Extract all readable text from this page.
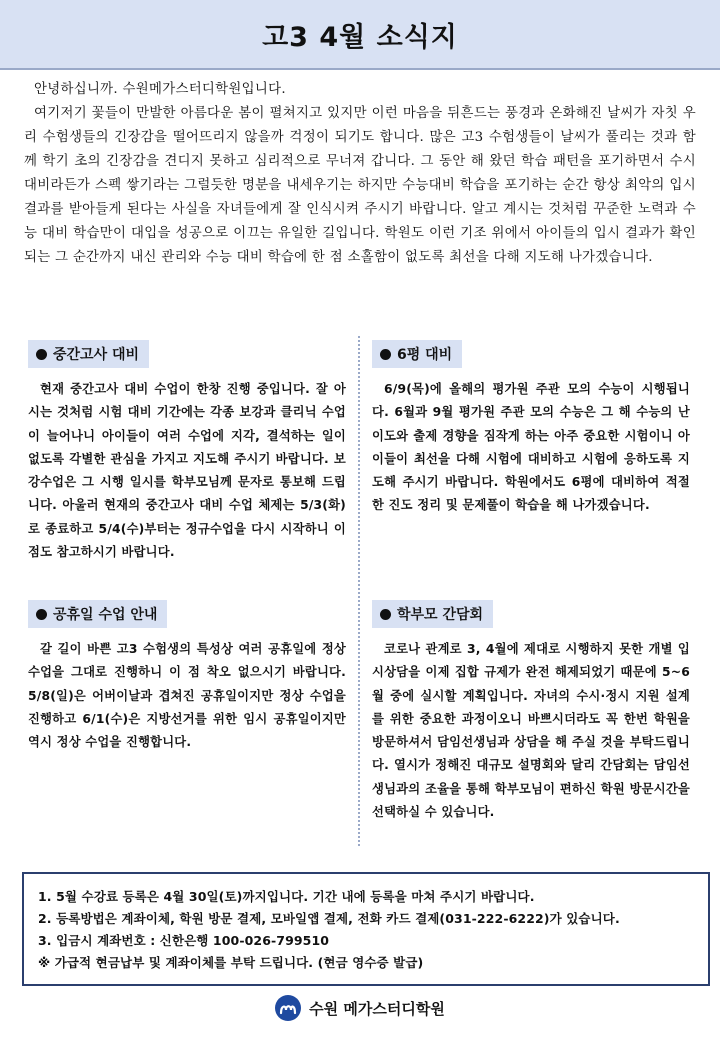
고3 4월 소식지

안녕하십니까. 수원메가스터디학원입니다.

여기저기 꽃들이 만발한 아름다운 봄이 펼쳐지고 있지만 이런 마음을 뒤흔드는 풍경과 온화해진 날씨가 자칫 우리 수험생들의 긴장감을 떨어뜨리지 않을까 걱정이 되기도 합니다. 많은 고3 수험생들이 날씨가 풀리는 것과 함께 학기 초의 긴장감을 견디지 못하고 심리적으로 무너져 갑니다. 그 동안 해 왔던 학습 패턴을 포기하면서 수시 대비라든가 스펙 쌓기라는 그럴듯한 명분을 내세우기는 하지만 수능대비 학습을 포기하는 순간 항상 최악의 입시 결과를 받아들게 된다는 사실을 자녀들에게 잘 인식시켜 주시기 바랍니다. 알고 계시는 것처럼 꾸준한 노력과 수능 대비 학습만이 대입을 성공으로 이끄는 유일한 길입니다. 학원도 이런 기조 위에서 아이들의 입시 결과가 확인되는 그 순간까지 내신 관리와 수능 대비 학습에 한 점 소홀함이 없도록 최선을 다해 지도해 나가겠습니다.

중간고사 대비

현재 중간고사 대비 수업이 한창 진행 중입니다. 잘 아시는 것처럼 시험 대비 기간에는 각종 보강과 클리닉 수업이 늘어나니 아이들이 여러 수업에 지각, 결석하는 일이 없도록 각별한 관심을 가지고 지도해 주시기 바랍니다. 보강수업은 그 시행 일시를 학부모님께 문자로 통보해 드립니다. 아울러 현재의 중간고사 대비 수업 체제는 5/3(화)로 종료하고 5/4(수)부터는 정규수업을 다시 시작하니 이 점도 참고하시기 바랍니다.

6평 대비

6/9(목)에 올해의 평가원 주관 모의 수능이 시행됩니다. 6월과 9월 평가원 주관 모의 수능은 그 해 수능의 난이도와 출제 경향을 짐작게 하는 아주 중요한 시험이니 아이들이 최선을 다해 시험에 대비하고 시험에 응하도록 지도해 주시기 바랍니다. 학원에서도 6평에 대비하여 적절한 진도 정리 및 문제풀이 학습을 해 나가겠습니다.

공휴일 수업 안내

갈 길이 바쁜 고3 수험생의 특성상 여러 공휴일에 정상 수업을 그대로 진행하니 이 점 착오 없으시기 바랍니다. 5/8(일)은 어버이날과 겹쳐진 공휴일이지만 정상 수업을 진행하고 6/1(수)은 지방선거를 위한 임시 공휴일이지만 역시 정상 수업을 진행합니다.

학부모 간담회

코로나 관계로 3, 4월에 제대로 시행하지 못한 개별 입시상담을 이제 집합 규제가 완전 해제되었기 때문에 5~6월 중에 실시할 계획입니다. 자녀의 수시·정시 지원 설계를 위한 중요한 과정이오니 바쁘시더라도 꼭 한번 학원을 방문하셔서 담임선생님과 상담을 해 주실 것을 부탁드립니다. 열시가 정해진 대규모 설명회와 달리 간담회는 담임선생님과의 조율을 통해 학부모님이 편하신 학원 방문시간을 선택하실 수 있습니다.

1. 5월 수강료 등록은 4월 30일(토)까지입니다. 기간 내에 등록을 마쳐 주시기 바랍니다.
2. 등록방법은 계좌이체, 학원 방문 결제, 모바일앱 결제, 전화 카드 결제(031-222-6222)가 있습니다.
3. 입금시 계좌번호 : 신한은행 100-026-799510
※ 가급적 현금납부 및 계좌이체를 부탁 드립니다. (현금 영수증 발급)
수원 메가스터디학원
